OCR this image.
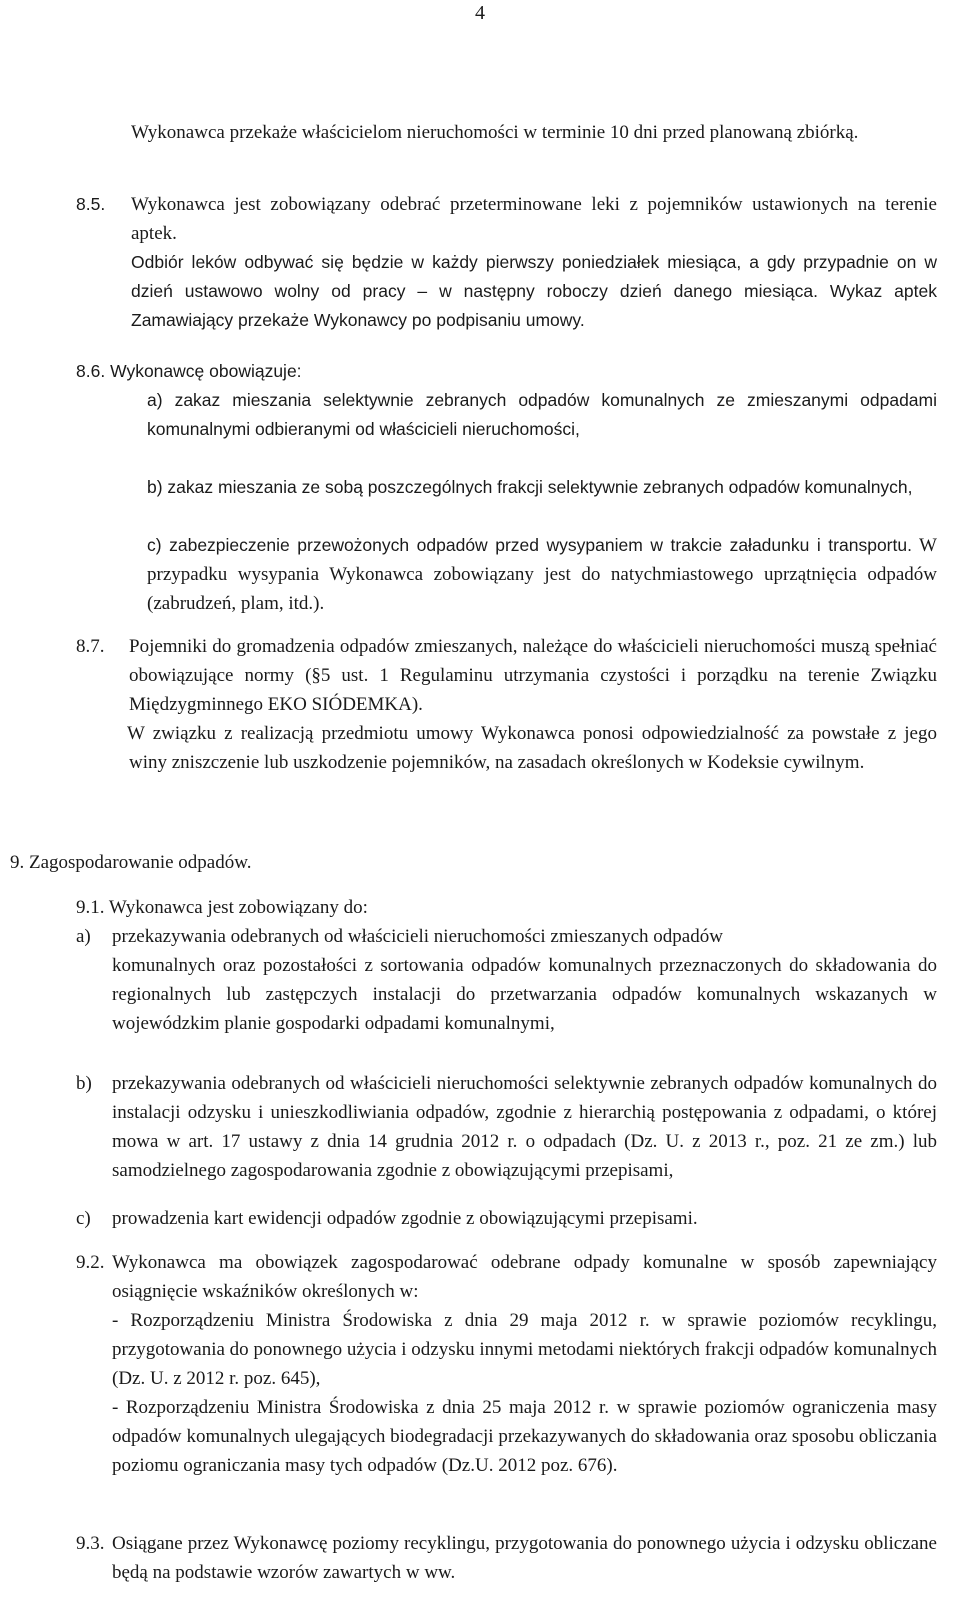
4
Wykonawca przekaże właścicielom nieruchomości w terminie 10 dni przed planowaną zbiórką.
8.5. Wykonawca jest zobowiązany odebrać przeterminowane leki z pojemników ustawionych na terenie aptek.

Odbiór leków odbywać się będzie w każdy pierwszy poniedziałek miesiąca, a gdy przypadnie on w dzień ustawowo wolny od pracy – w następny roboczy dzień danego miesiąca. Wykaz aptek Zamawiający przekaże Wykonawcy po podpisaniu umowy.
8.6. Wykonawcę obowiązuje:
a) zakaz mieszania selektywnie zebranych odpadów komunalnych ze zmieszanymi odpadami komunalnymi odbieranymi od właścicieli nieruchomości,
b) zakaz mieszania ze sobą poszczególnych frakcji selektywnie zebranych odpadów komunalnych,
c) zabezpieczenie przewożonych odpadów przed wysypaniem w trakcie załadunku i transportu. W przypadku wysypania Wykonawca zobowiązany jest do natychmiastowego uprzątnięcia odpadów (zabrudzeń, plam, itd.).
8.7. Pojemniki do gromadzenia odpadów zmieszanych, należące do właścicieli nieruchomości muszą spełniać obowiązujące normy (§5 ust. 1 Regulaminu utrzymania czystości i porządku na terenie Związku Międzygminnego EKO SIÓDEMKA).

W związku z realizacją przedmiotu umowy Wykonawca ponosi odpowiedzialność za powstałe z jego winy zniszczenie lub uszkodzenie pojemników, na zasadach określonych w Kodeksie cywilnym.

9. Zagospodarowanie odpadów.
9.1. Wykonawca jest zobowiązany do:
a) przekazywania odebranych od właścicieli nieruchomości zmieszanych odpadów

komunalnych oraz pozostałości z sortowania odpadów komunalnych przeznaczonych do składowania do regionalnych lub zastępczych instalacji do przetwarzania odpadów komunalnych wskazanych w wojewódzkim planie gospodarki odpadami komunalnymi,

b) przekazywania odebranych od właścicieli nieruchomości selektywnie zebranych odpadów komunalnych do instalacji odzysku i unieszkodliwiania odpadów, zgodnie z hierarchią postępowania z odpadami, o której mowa w art. 17 ustawy z dnia 14 grudnia 2012 r. o odpadach (Dz. U. z 2013 r., poz. 21 ze zm.) lub samodzielnego zagospodarowania zgodnie z obowiązującymi przepisami,

c) prowadzenia kart ewidencji odpadów zgodnie z obowiązującymi przepisami.

9.2. Wykonawca ma obowiązek zagospodarować odebrane odpady komunalne w sposób zapewniający osiągnięcie wskaźników określonych w:

- Rozporządzeniu Ministra Środowiska z dnia 29 maja 2012 r. w sprawie poziomów recyklingu, przygotowania do ponownego użycia i odzysku innymi metodami niektórych frakcji odpadów komunalnych (Dz. U. z 2012 r. poz. 645),

- Rozporządzeniu Ministra Środowiska z dnia 25 maja 2012 r. w sprawie poziomów ograniczenia masy odpadów komunalnych ulegających biodegradacji przekazywanych do składowania oraz sposobu obliczania poziomu ograniczania masy tych odpadów (Dz.U. 2012 poz. 676).

9.3. Osiągane przez Wykonawcę poziomy recyklingu, przygotowania do ponownego użycia i odzysku obliczane będą na podstawie wzorów zawartych w ww.
